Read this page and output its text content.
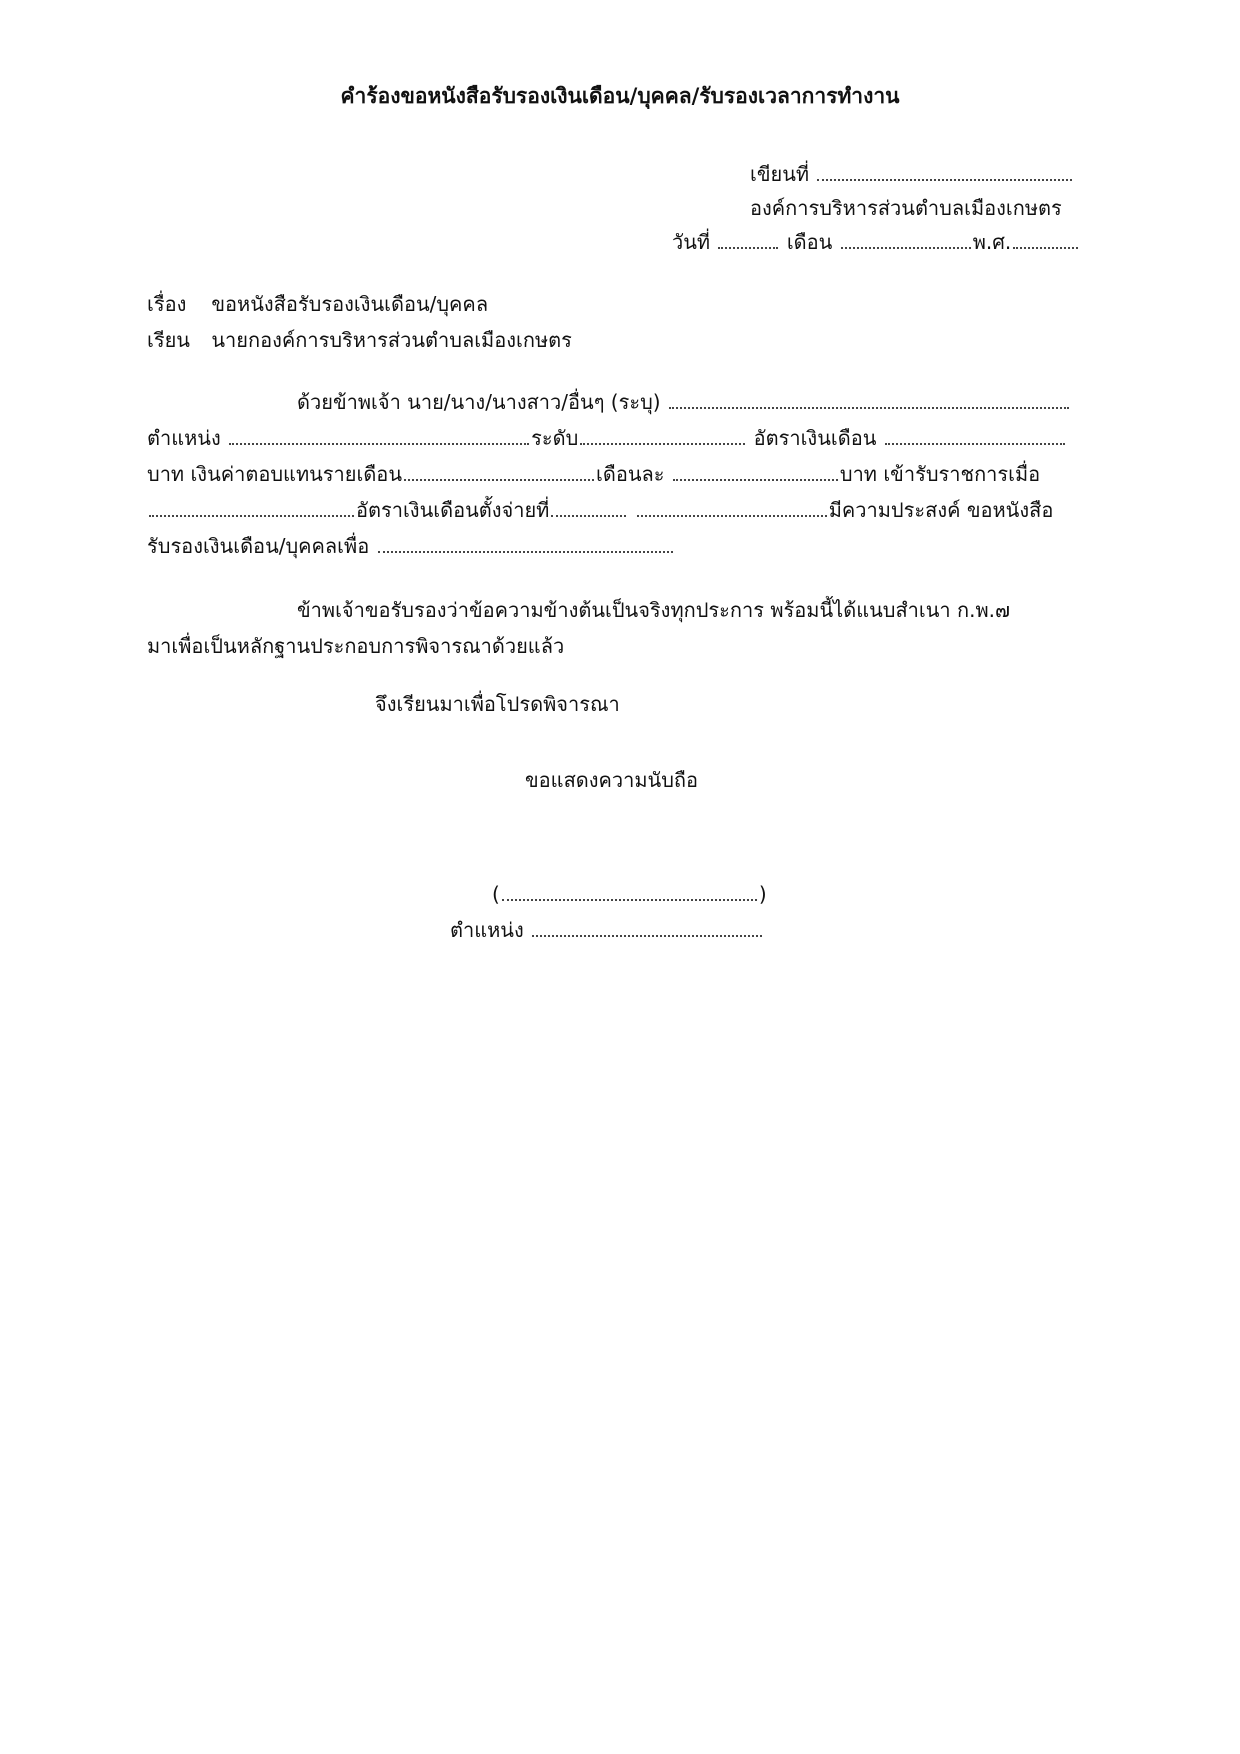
คำร้องขอหนังสือรับรองเงินเดือน/บุคคล/รับรองเวลาการทำงาน
เขียนที่
องค์การบริหารส่วนตำบลเมืองเกษตร
วันที่	เดือน	พ.ศ.
เรื่อง ขอหนังสือรับรองเงินเดือน/บุคคล
เรียน นายกองค์การบริหารส่วนตำบลเมืองเกษตร
ด้วยข้าพเจ้า นาย/นาง/นางสาว/อื่นๆ (ระบุ)
ตำแหน่ง	ระดับ	อัตราเงินเดือน
บาท เงินค่าตอบแทนรายเดือน	เดือนละ	บาท เข้ารับราชการเมื่อ
อัตราเงินเดือนตั้งจ่ายที่	มีความประสงค์ ขอหนังสือ
รับรองเงินเดือน/บุคคลเพื่อ
ข้าพเจ้าขอรับรองว่าข้อความข้างต้นเป็นจริงทุกประการ พร้อมนี้ได้แนบสำเนา ก.พ.๗
มาเพื่อเป็นหลักฐานประกอบการพิจารณาด้วยแล้ว
จึงเรียนมาเพื่อโปรดพิจารณา
ขอแสดงความนับถือ
(	)
ตำแหน่ง
